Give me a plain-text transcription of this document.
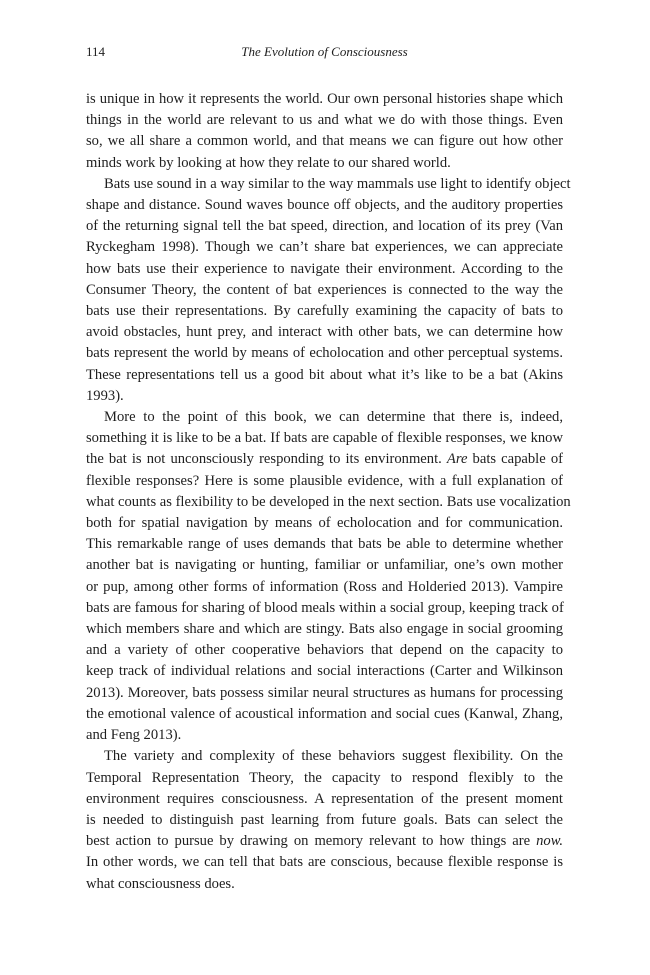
114	The Evolution of Consciousness

is unique in how it represents the world. Our own personal histories shape which
things in the world are relevant to us and what we do with those things. Even
so, we all share a common world, and that means we can figure out how other
minds work by looking at how they relate to our shared world.

Bats use sound in a way similar to the way mammals use light to identify object
shape and distance. Sound waves bounce off objects, and the auditory properties
of the returning signal tell the bat speed, direction, and location of its prey (Van
Ryckegham 1998). Though we can’t share bat experiences, we can appreciate
how bats use their experience to navigate their environment. According to the
Consumer Theory, the content of bat experiences is connected to the way the
bats use their representations. By carefully examining the capacity of bats to
avoid obstacles, hunt prey, and interact with other bats, we can determine how
bats represent the world by means of echolocation and other perceptual systems.
These representations tell us a good bit about what it’s like to be a bat (Akins
1993).

More to the point of this book, we can determine that there is, indeed,
something it is like to be a bat. If bats are capable of flexible responses, we know
the bat is not unconsciously responding to its environment. Are bats capable of
flexible responses? Here is some plausible evidence, with a full explanation of
what counts as flexibility to be developed in the next section. Bats use vocalization
both for spatial navigation by means of echolocation and for communication.
This remarkable range of uses demands that bats be able to determine whether
another bat is navigating or hunting, familiar or unfamiliar, one’s own mother
or pup, among other forms of information (Ross and Holderied 2013). Vampire
bats are famous for sharing of blood meals within a social group, keeping track of
which members share and which are stingy. Bats also engage in social grooming
and a variety of other cooperative behaviors that depend on the capacity to
keep track of individual relations and social interactions (Carter and Wilkinson
2013). Moreover, bats possess similar neural structures as humans for processing
the emotional valence of acoustical information and social cues (Kanwal, Zhang,
and Feng 2013).

The variety and complexity of these behaviors suggest flexibility. On the
Temporal Representation Theory, the capacity to respond flexibly to the
environment requires consciousness. A representation of the present moment
is needed to distinguish past learning from future goals. Bats can select the
best action to pursue by drawing on memory relevant to how things are now.
In other words, we can tell that bats are conscious, because flexible response is
what consciousness does.
